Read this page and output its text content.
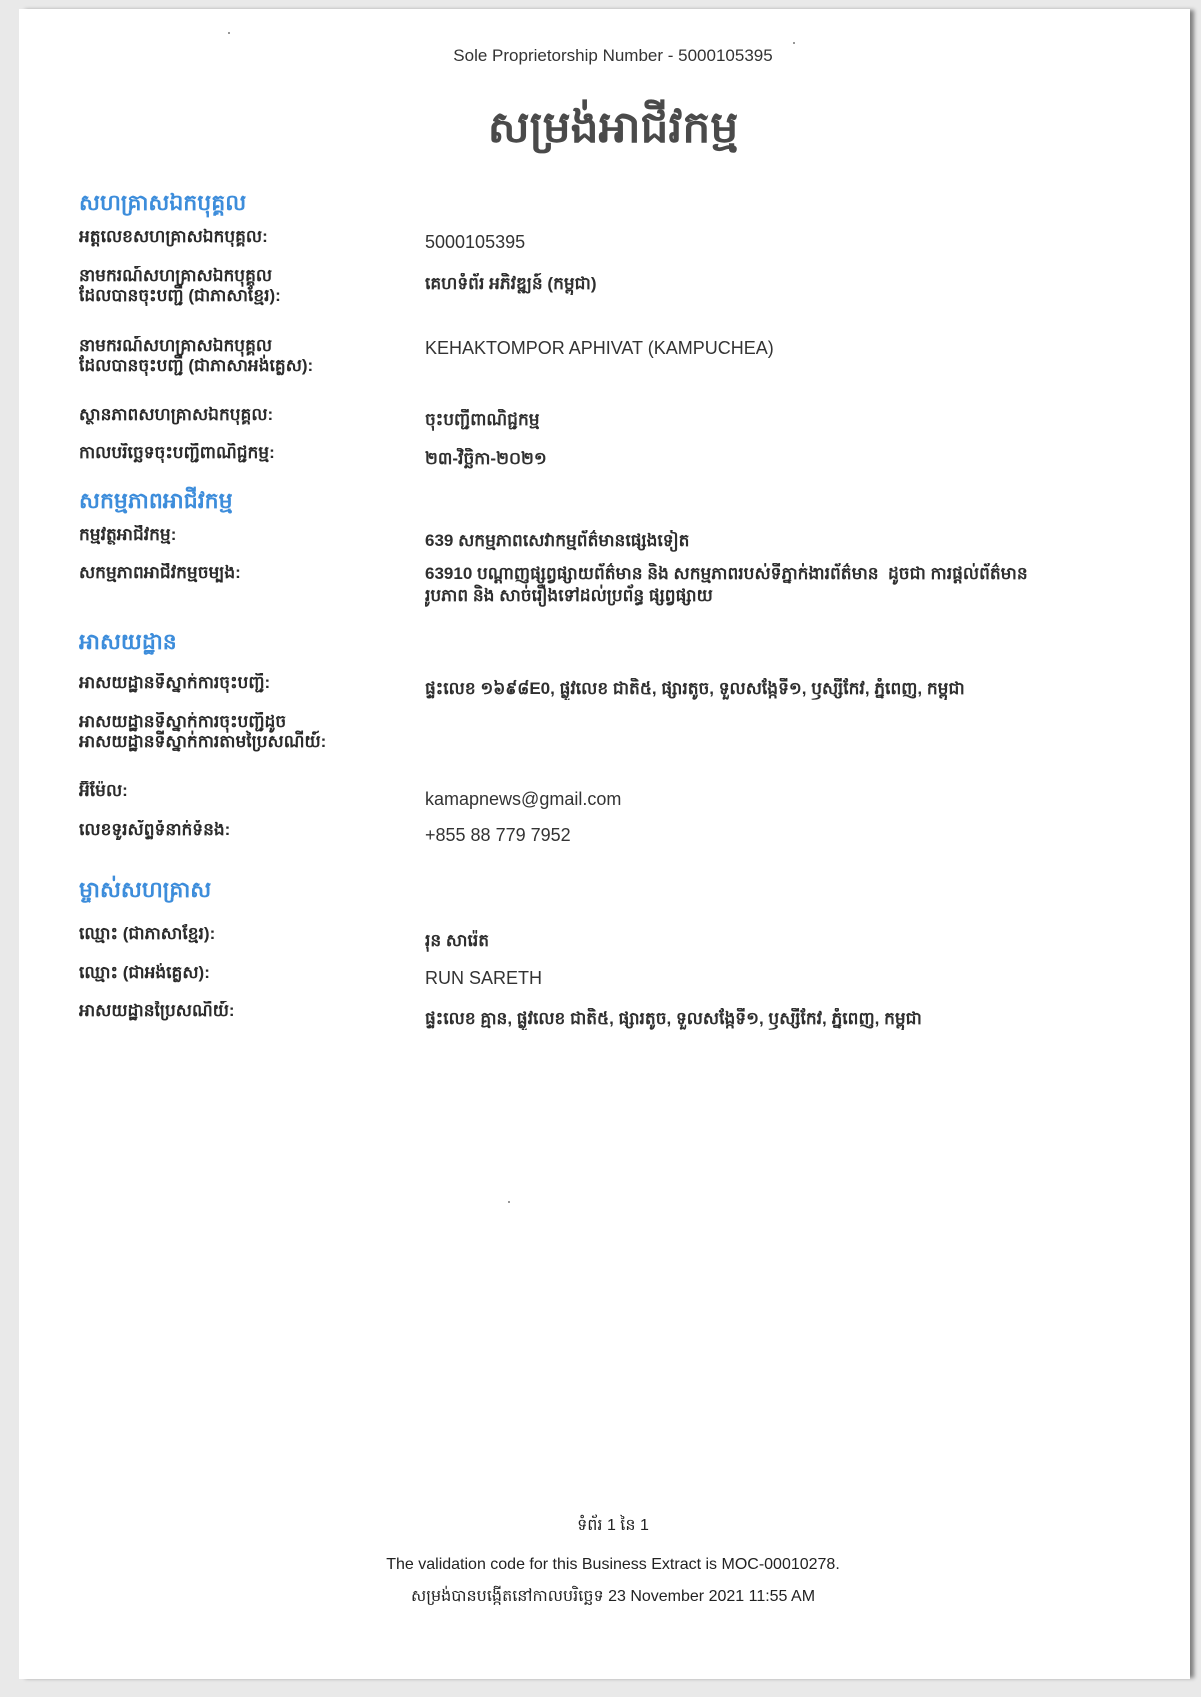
Sole Proprietorship Number - 5000105395
សម្រង់អាជីវកម្ម
សហគ្រាសឯកបុគ្គល
អត្តលេខសហគ្រាសឯកបុគ្គល:	5000105395
នាមករណ៍សហគ្រាសឯកបុគ្គល
ដែលបានចុះបញ្ជី (ជាភាសាខ្មែរ):
គេហទំព័រ អភិវឌ្ឍន៍ (កម្ពុជា)
នាមករណ៍សហគ្រាសឯកបុគ្គល
ដែលបានចុះបញ្ជី (ជាភាសាអង់គ្លេស):
KEHAKTOMPOR APHIVAT (KAMPUCHEA)
ស្ថានភាពសហគ្រាសឯកបុគ្គល:	ចុះបញ្ជីពាណិជ្ជកម្ម
កាលបរិច្ឆេទចុះបញ្ជីពាណិជ្ជកម្ម:	២៣-វិច្ឆិកា-២០២១
សកម្មភាពអាជីវកម្ម
កម្មវត្ថុអាជីវកម្ម:	639 សកម្មភាពសេវាកម្មព័ត៌មានផ្សេងទៀត
សកម្មភាពអាជីវកម្មចម្បង:	63910 បណ្តាញផ្សព្វផ្សាយព័ត៌មាន និង សកម្មភាពរបស់ទីភ្នាក់ងារព័ត៌មាន  ដូចជា ការផ្តល់ព័ត៌មាន
រូបភាព និង សាច់រឿងទៅដល់ប្រព័ន្ធ ផ្សព្វផ្សាយ
អាសយដ្ឋាន
អាសយដ្ឋានទីស្នាក់ការចុះបញ្ជី:	ផ្ទះលេខ ១៦៩៨E0, ផ្លូវលេខ ជាតិ៥, ផ្សារតូច, ទួលសង្កែទី១, ឫស្សីកែវ, ភ្នំពេញ, កម្ពុជា
អាសយដ្ឋានទីស្នាក់ការចុះបញ្ជីដូច
អាសយដ្ឋានទីស្នាក់ការតាមប្រៃសណីយ៍:
អ៊ីម៉ែល:	kamapnews@gmail.com
លេខទូរស័ព្ទទំនាក់ទំនង:	+855 88 779 7952
ម្ចាស់សហគ្រាស
ឈ្មោះ (ជាភាសាខ្មែរ):	រុន សារ៉េត
ឈ្មោះ (ជាអង់គ្លេស):	RUN SARETH
អាសយដ្ឋានប្រៃសណីយ៍:	ផ្ទះលេខ គ្មាន, ផ្លូវលេខ ជាតិ៥, ផ្សារតូច, ទួលសង្កែទី១, ឫស្សីកែវ, ភ្នំពេញ, កម្ពុជា
ទំព័រ 1 នៃ 1
The validation code for this Business Extract is MOC-00010278.
សម្រង់បានបង្កើតនៅកាលបរិច្ឆេទ 23 November 2021 11:55 AM
